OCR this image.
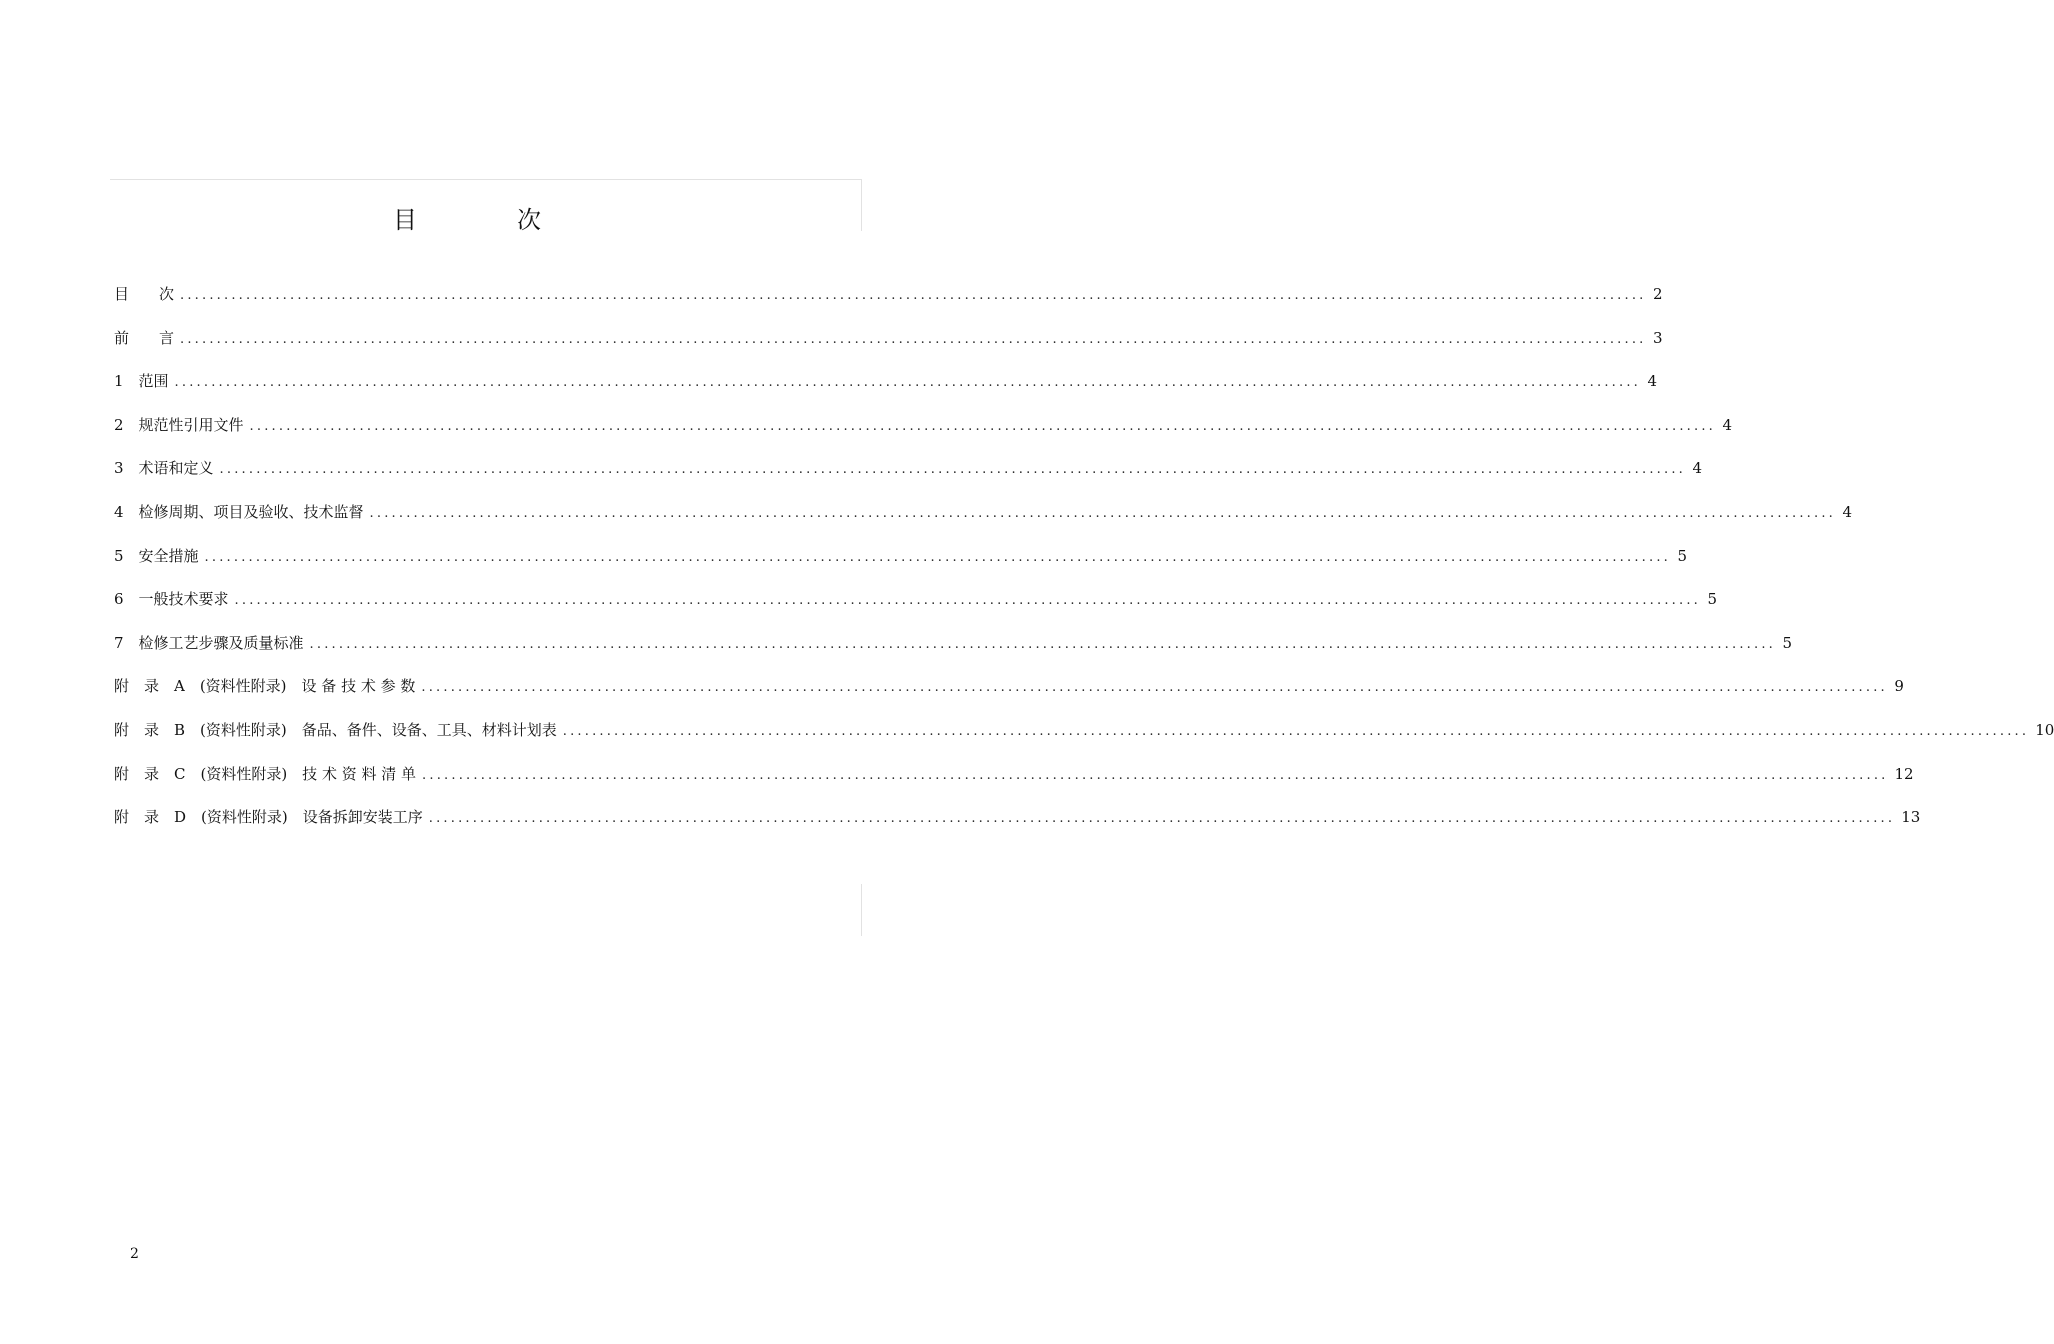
目　次
目　　次 ........................................................................................................................................................................................................ 2
前　　言 ........................................................................................................................................................................................................ 3
1　范围 ........................................................................................................................................................................................................ 4
2　规范性引用文件 ........................................................................................................................................................................................................ 4
3　术语和定义 ........................................................................................................................................................................................................ 4
4　检修周期、项目及验收、技术监督 ........................................................................................................................................................................................................ 4
5　安全措施 ........................................................................................................................................................................................................ 5
6　一般技术要求 ........................................................................................................................................................................................................ 5
7　检修工艺步骤及质量标准 ........................................................................................................................................................................................................ 5
附　录　A　(资料性附录)　设 备 技 术 参 数 ........................................................................................................................................................................................................ 9
附　录　B　(资料性附录)　备品、备件、设备、工具、材料计划表 ........................................................................................................................................................................................................ 10
附　录　C　(资料性附录)　技 术 资 料 清 单 ........................................................................................................................................................................................................ 12
附　录　D　(资料性附录)　设备拆卸安装工序 ........................................................................................................................................................................................................ 13
2
